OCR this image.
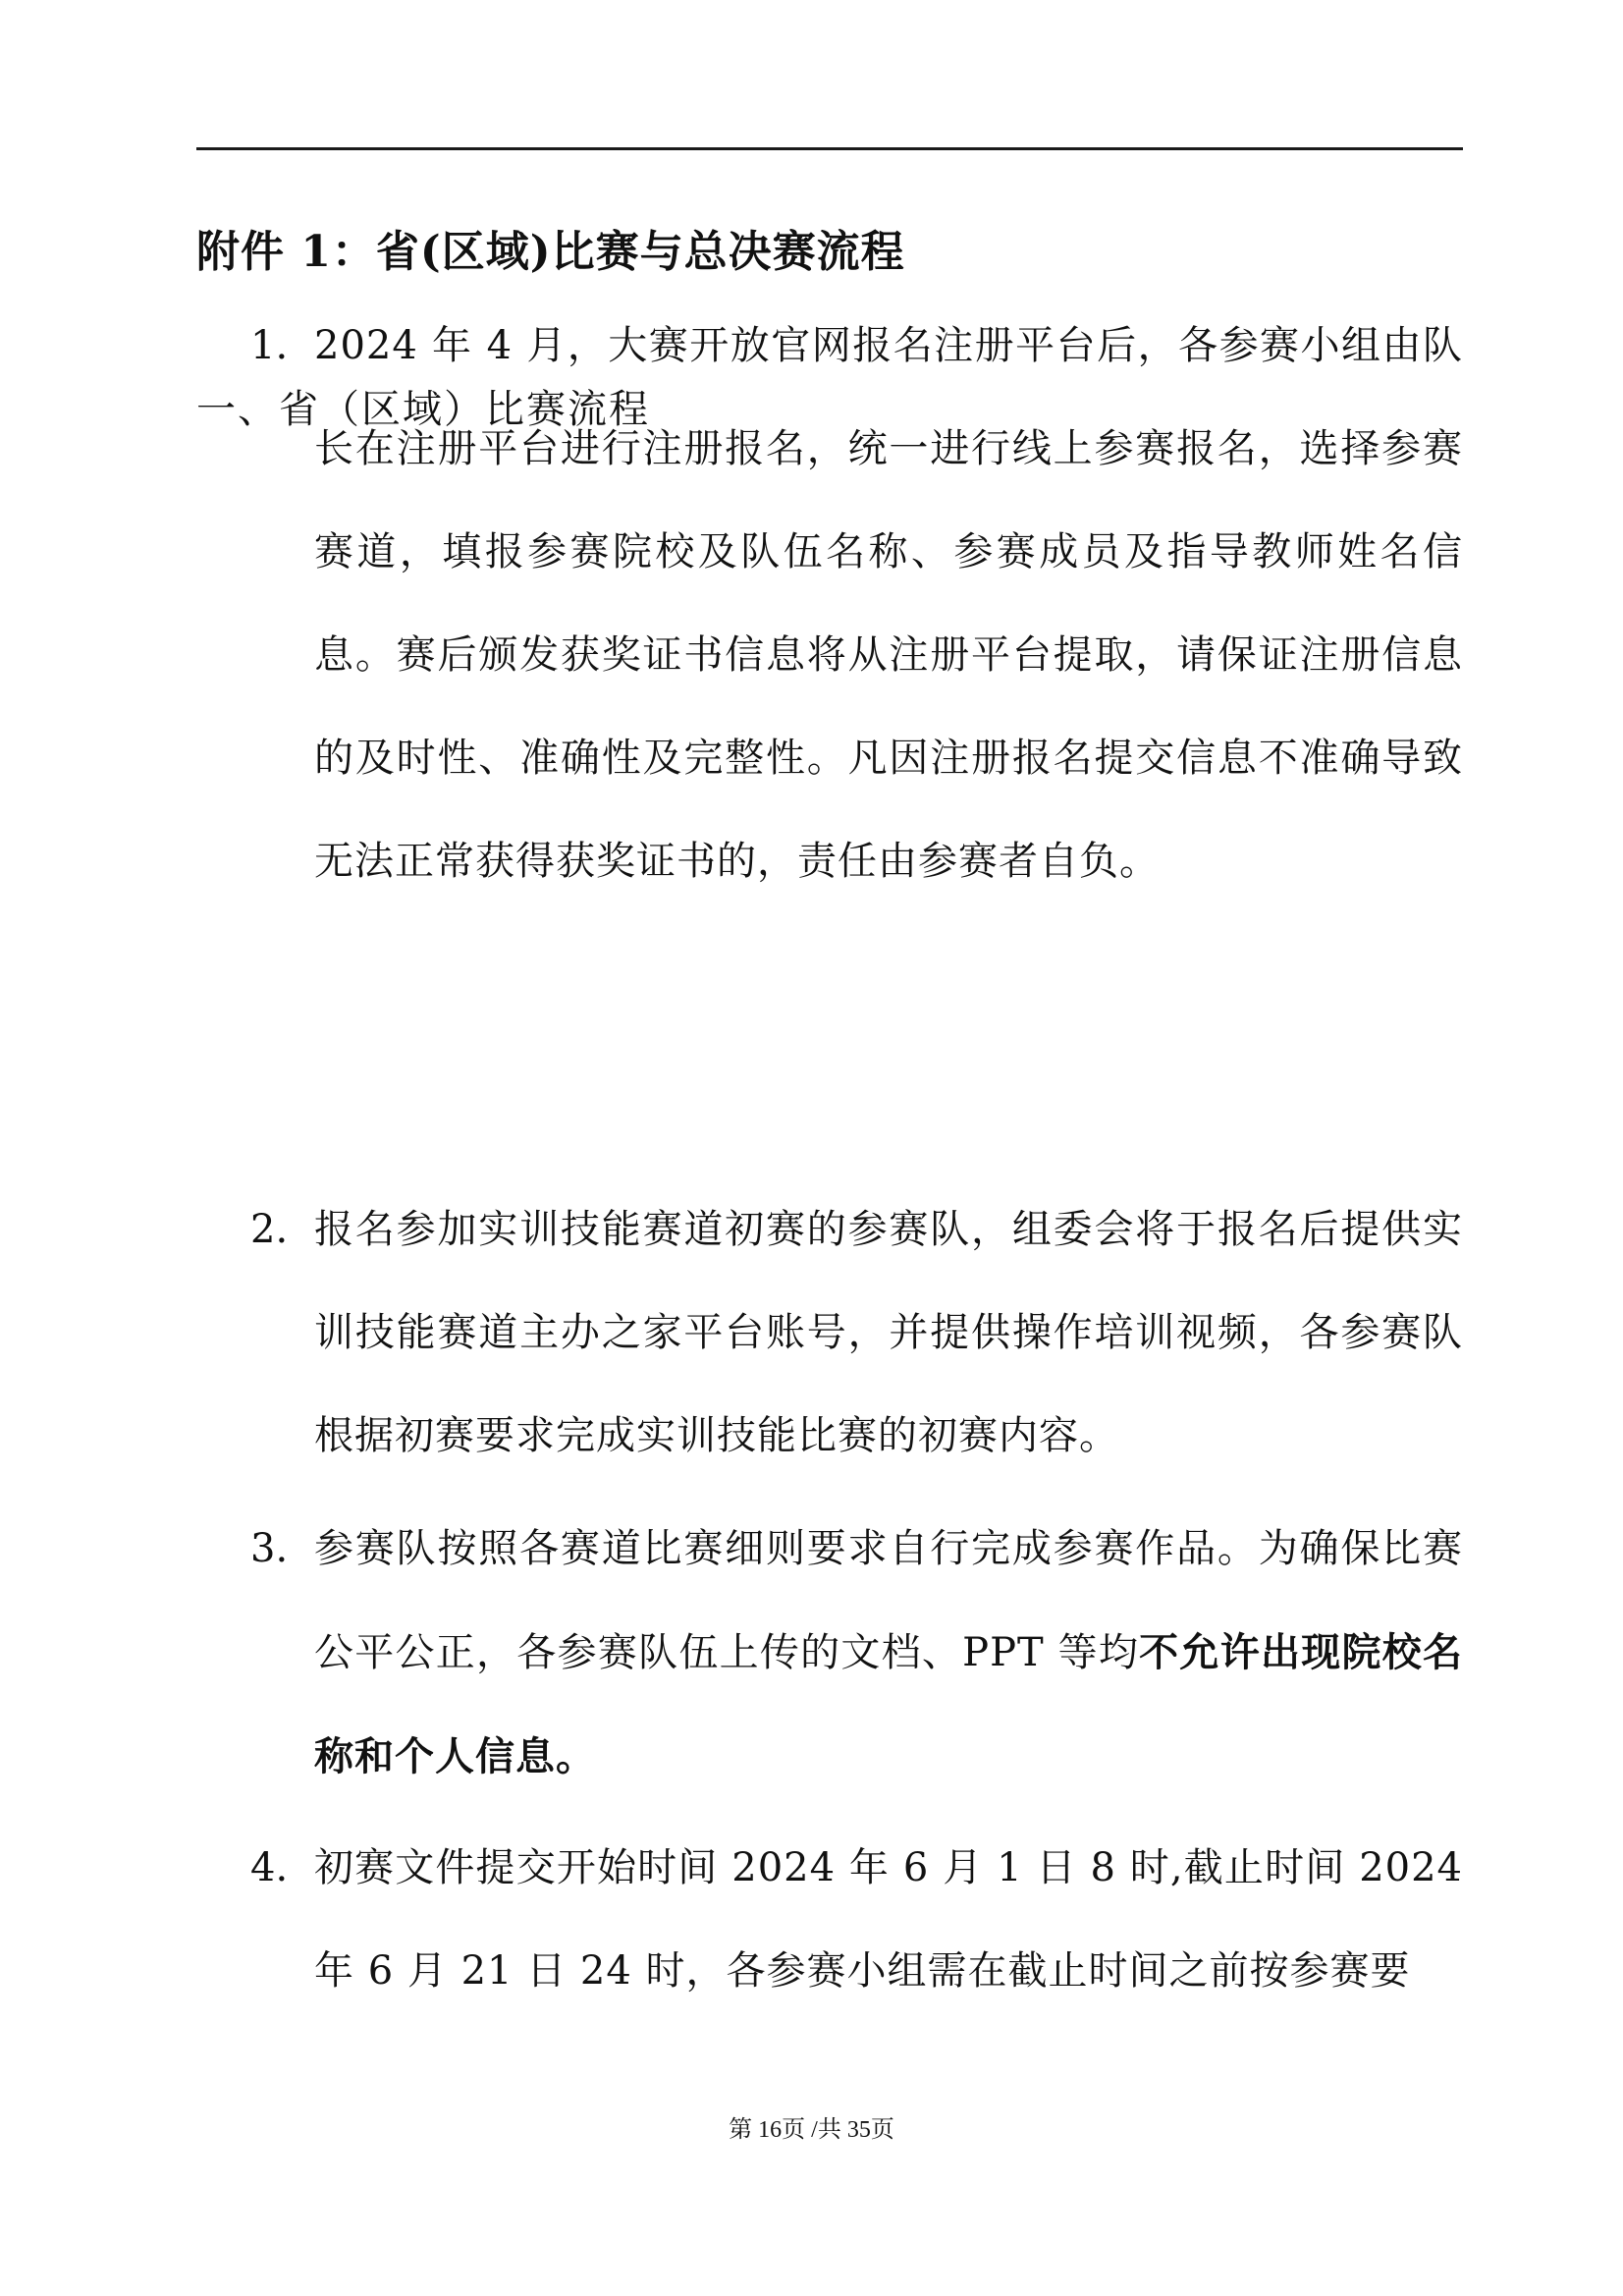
附件 1：省(区域)比赛与总决赛流程
一、省（区域）比赛流程
1. 2024 年 4 月，大赛开放官网报名注册平台后，各参赛小组由队长在注册平台进行注册报名，统一进行线上参赛报名，选择参赛赛道，填报参赛院校及队伍名称、参赛成员及指导教师姓名信息。赛后颁发获奖证书信息将从注册平台提取，请保证注册信息的及时性、准确性及完整性。凡因注册报名提交信息不准确导致无法正常获得获奖证书的，责任由参赛者自负。
2. 报名参加实训技能赛道初赛的参赛队，组委会将于报名后提供实训技能赛道主办之家平台账号，并提供操作培训视频，各参赛队根据初赛要求完成实训技能比赛的初赛内容。
3. 参赛队按照各赛道比赛细则要求自行完成参赛作品。为确保比赛公平公正，各参赛队伍上传的文档、PPT 等均不允许出现院校名称和个人信息。
4. 初赛文件提交开始时间 2024 年 6 月 1 日 8 时,截止时间 2024 年 6 月 21 日 24 时，各参赛小组需在截止时间之前按参赛要
第 16页 /共 35页
